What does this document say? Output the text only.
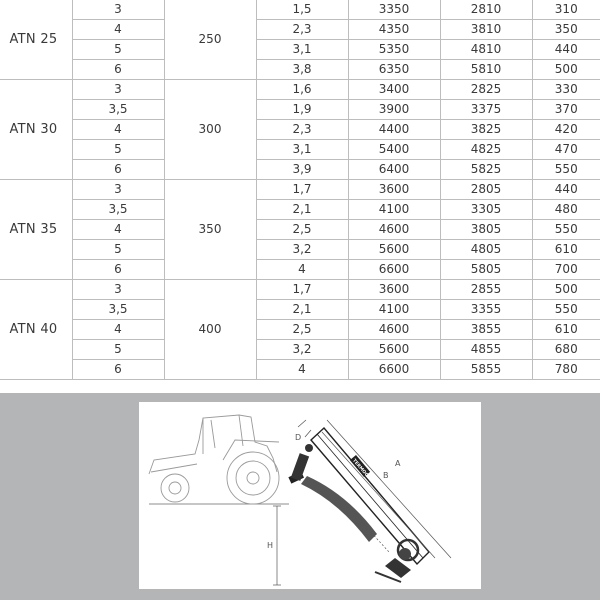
ATN 25	3	250	1,5	3350	2810	310
	4		2,3	4350	3810	350
	5		3,1	5350	4810	440
	6		3,8	6350	5810	500
ATN 30	3	300	1,6	3400	2825	330
	3,5		1,9	3900	3375	370
	4		2,3	4400	3825	420
	5		3,1	5400	4825	470
	6		3,9	6400	5825	550
ATN 35	3	350	1,7	3600	2805	440
	3,5		2,1	4100	3305	480
	4		2,5	4600	3805	550
	5		3,2	5600	4805	610
	6		4	6600	5805	700
ATN 40	3	400	1,7	3600	2855	500
	3,5		2,1	4100	3355	550
	4		2,5	4600	3855	610
	5		3,2	5600	4855	680
	6		4	6600	5855	780
TERMOCOM	A
B
D
H
α
